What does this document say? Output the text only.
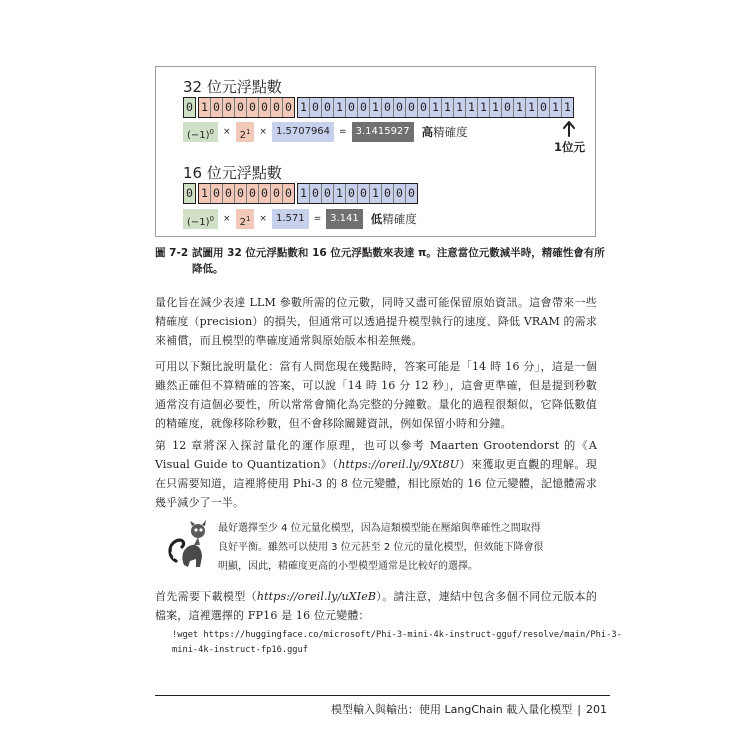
32 位元浮點數
0 1 0 0 0 0 0 0 0 1 0 0 1 0 0 1 0 0 0 0 1 1 1 1 1 1 0 1 1 0 1 1
$(-1)^0$	× $2^1$	× 1.5707964	= 3.1415927	高精確度
1位元
16 位元浮點數
0 1 0 0 0 0 0 0 0 1 0 0 1 0 0 1 0 0 0
$(-1)^0$	× $2^1$	× 1.571	= 3.141	低精確度
圖 7-2 試圖用 32 位元浮點數和 16 位元浮點數來表達 π。注意當位元數減半時，精確性會有所
降低。
量化旨在減少表達 LLM 參數所需的位元數，同時又盡可能保留原始資訊。這會帶來一些精確度（precision）的損失，但通常可以透過提升模型執行的速度、降低 VRAM 的需求來補償，而且模型的準確度通常與原始版本相差無幾。
可用以下類比說明量化：當有人問您現在幾點時，答案可能是「14 時 16 分」，這是一個雖然正確但不算精確的答案，可以說「14 時 16 分 12 秒」，這會更準確，但是提到秒數通常沒有這個必要性，所以常常會簡化為完整的分鐘數。量化的過程很類似，它降低數值的精確度，就像移除秒數，但不會移除關鍵資訊，例如保留小時和分鐘。
第 12 章將深入探討量化的運作原理，也可以參考 Maarten Grootendorst 的《A Visual Guide to Quantization》（https://oreil.ly/9Xt8U）來獲取更直觀的理解。現在只需要知道，這裡將使用 Phi-3 的 8 位元變體，相比原始的 16 位元變體，記憶體需求幾乎減少了一半。
最好選擇至少 4 位元量化模型，因為這類模型能在壓縮與準確性之間取得
良好平衡。雖然可以使用 3 位元甚至 2 位元的量化模型，但效能下降會很
明顯，因此，精確度更高的小型模型通常是比較好的選擇。
首先需要下載模型（https://oreil.ly/uXIeB）。請注意，連結中包含多個不同位元版本的檔案，這裡選擇的 FP16 是 16 位元變體：
!wget https://huggingface.co/microsoft/Phi-3-mini-4k-instruct-gguf/resolve/main/Phi-3-
mini-4k-instruct-fp16.gguf
模型輸入與輸出：使用 LangChain 載入量化模型 | 201
